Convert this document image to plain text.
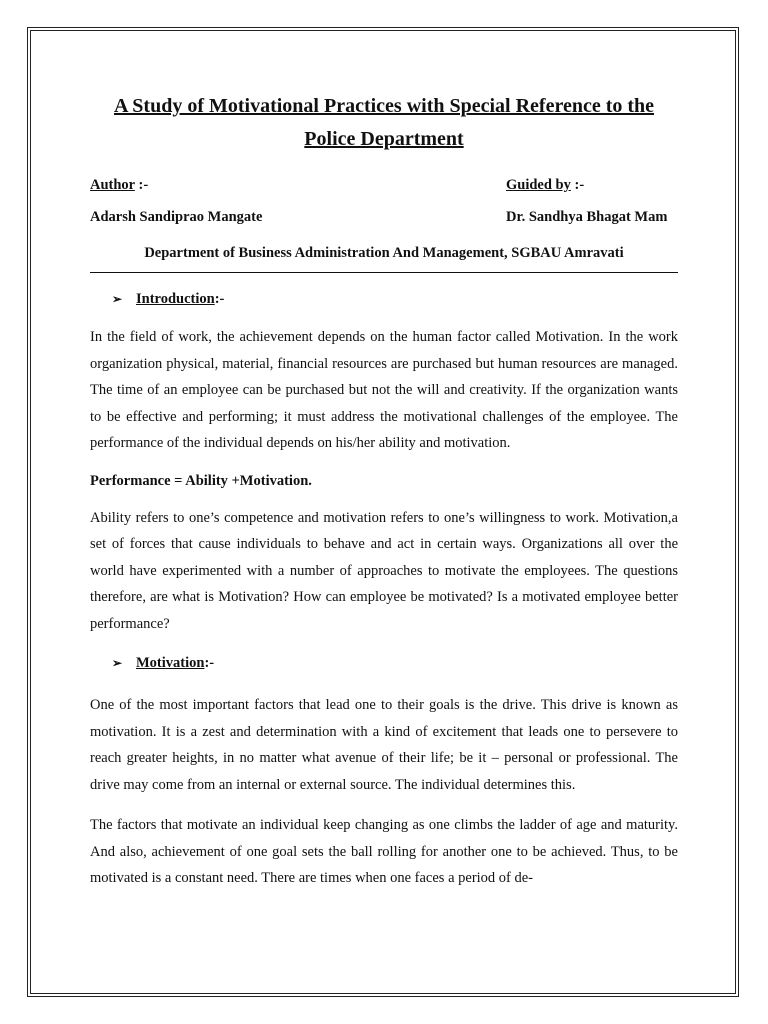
A Study of Motivational Practices with Special Reference to the
Police Department
Author :-	Guided by :-
Adarsh Sandiprao Mangate	Dr. Sandhya Bhagat Mam
Department of Business Administration And Management, SGBAU Amravati
➢ Introduction :-

In the field of work, the achievement depends on the human factor called Motivation. In the work organization physical, material, financial resources are purchased but human resources are managed. The time of an employee can be purchased but not the will and creativity. If the organization wants to be effective and performing; it must address the motivational challenges of the employee. The performance of the individual depends on his/her ability and motivation.

Performance = Ability +Motivation.

Ability refers to one’s competence and motivation refers to one’s willingness to work. Motivation,a set of forces that cause individuals to behave and act in certain ways. Organizations all over the world have experimented with a number of approaches to motivate the employees. The questions therefore, are what is Motivation? How can employee be motivated? Is a motivated employee better performance?

➢ Motivation :-

One of the most important factors that lead one to their goals is the drive. This drive is known as motivation. It is a zest and determination with a kind of excitement that leads one to persevere to reach greater heights, in no matter what avenue of their life; be it – personal or professional. The drive may come from an internal or external source. The individual determines this.

The factors that motivate an individual keep changing as one climbs the ladder of age and maturity. And also, achievement of one goal sets the ball rolling for another one to be achieved. Thus, to be motivated is a constant need. There are times when one faces a period of de-
